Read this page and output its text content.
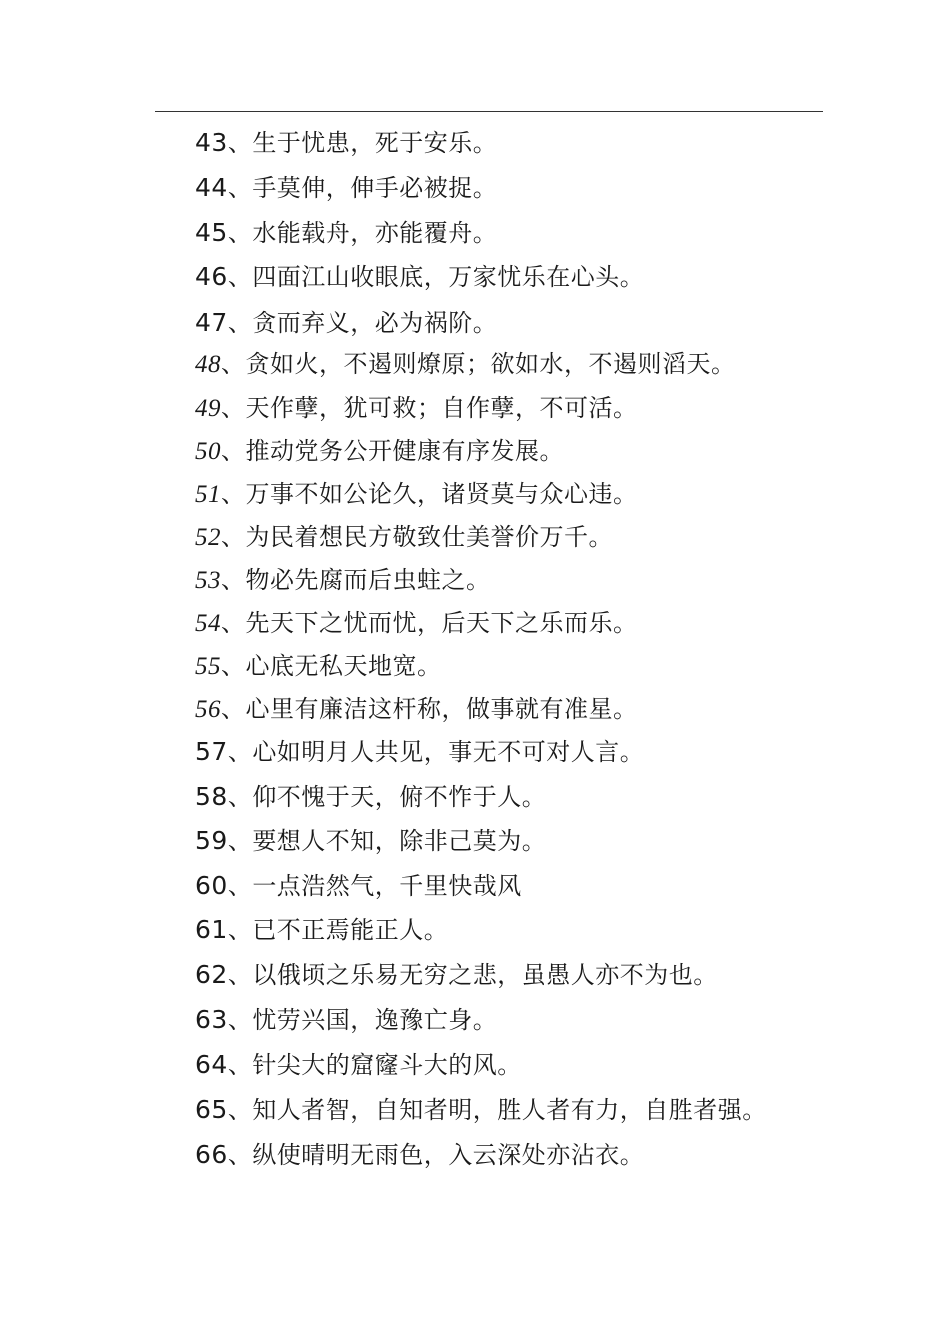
43、生于忧患，死于安乐。
44、手莫伸，伸手必被捉。
45、水能载舟，亦能覆舟。
46、四面江山收眼底，万家忧乐在心头。
47、贪而弃义，必为祸阶。
48、贪如火，不遏则燎原；欲如水，不遏则滔天。
49、天作孽，犹可救；自作孽，不可活。
50、推动党务公开健康有序发展。
51、万事不如公论久，诸贤莫与众心违。
52、为民着想民方敬致仕美誉价万千。
53、物必先腐而后虫蛀之。
54、先天下之忧而忧，后天下之乐而乐。
55、心底无私天地宽。
56、心里有廉洁这杆称，做事就有准星。
57、心如明月人共见，事无不可对人言。
58、仰不愧于天，俯不怍于人。
59、要想人不知，除非己莫为。
60、一点浩然气，千里快哉风
61、已不正焉能正人。
62、以俄顷之乐易无穷之悲，虽愚人亦不为也。
63、忧劳兴国，逸豫亡身。
64、针尖大的窟窿斗大的风。
65、知人者智，自知者明，胜人者有力，自胜者强。
66、纵使晴明无雨色，入云深处亦沾衣。
